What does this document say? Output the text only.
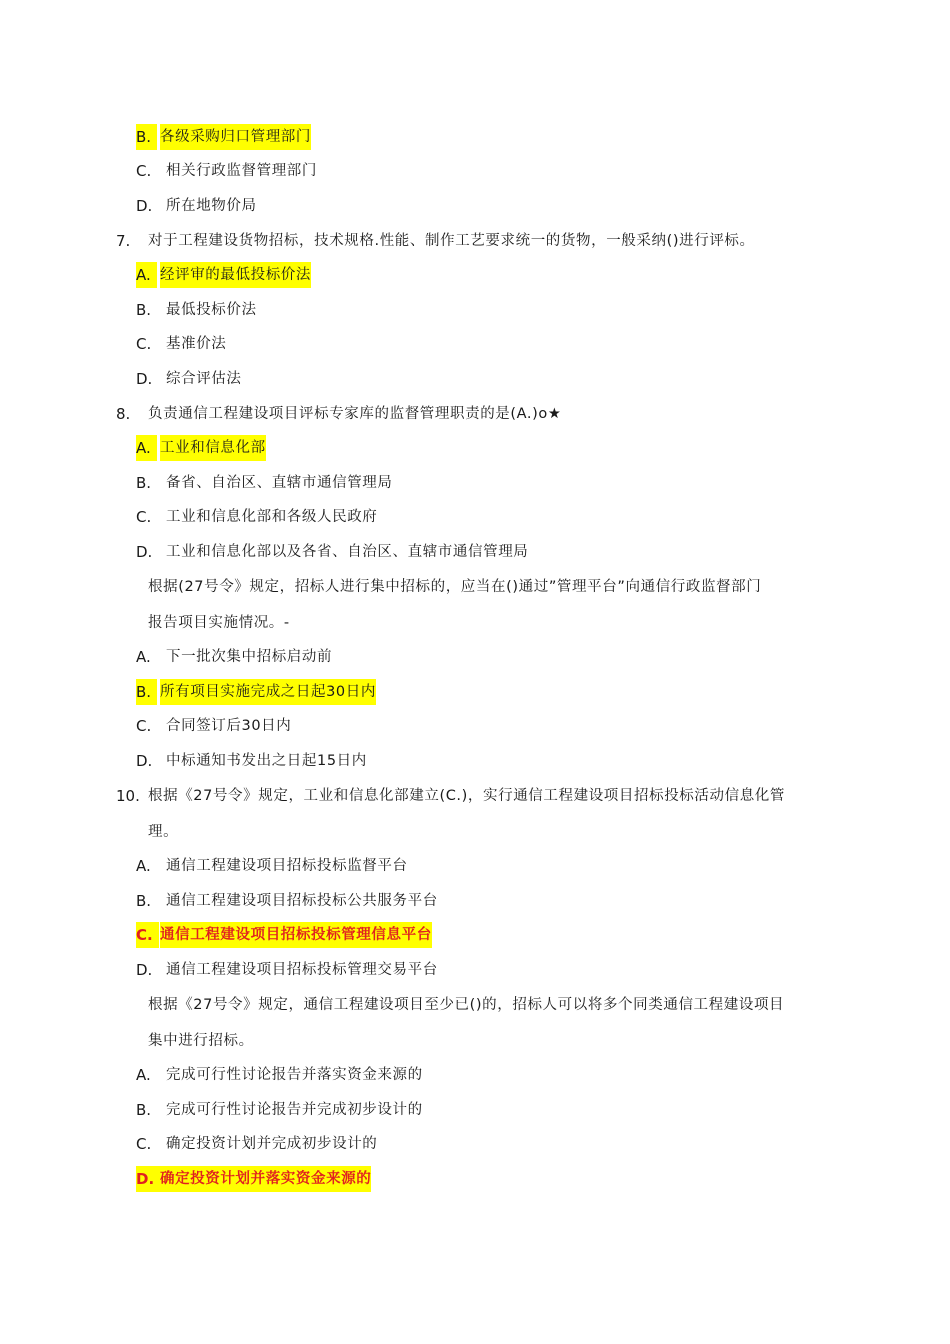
B. 各级采购归口管理部门
C. 相关行政监督管理部门
D. 所在地物价局
7. 对于工程建设货物招标，技术规格.性能、制作工艺要求统一的货物，一般采纳()进行评标。
A. 经评审的最低投标价法
B. 最低投标价法
C. 基准价法
D. 综合评估法
8. 负责通信工程建设项目评标专家库的监督管理职责的是(A.)o★
A. 工业和信息化部
B. 备省、自治区、直辖市通信管理局
C. 工业和信息化部和各级人民政府
D. 工业和信息化部以及各省、自治区、直辖市通信管理局
根据(27号令》规定，招标人进行集中招标的，应当在()通过”管理平台”向通信行政监督部门
报告项目实施情况。-
A. 下一批次集中招标启动前
B. 所有项目实施完成之日起30日内
C. 合同签订后30日内
D. 中标通知书发出之日起15日内
10. 根据《27号令》规定，工业和信息化部建立(C.)，实行通信工程建设项目招标投标活动信息化管
理。
A. 通信工程建设项目招标投标监督平台
B. 通信工程建设项目招标投标公共服务平台
C. 通信工程建设项目招标投标管理信息平台
D. 通信工程建设项目招标投标管理交易平台
根据《27号令》规定，通信工程建设项目至少已()的，招标人可以将多个同类通信工程建设项目
集中进行招标。
A. 完成可行性讨论报告并落实资金来源的
B. 完成可行性讨论报告并完成初步设计的
C. 确定投资计划并完成初步设计的
D. 确定投资计划并落实资金来源的
